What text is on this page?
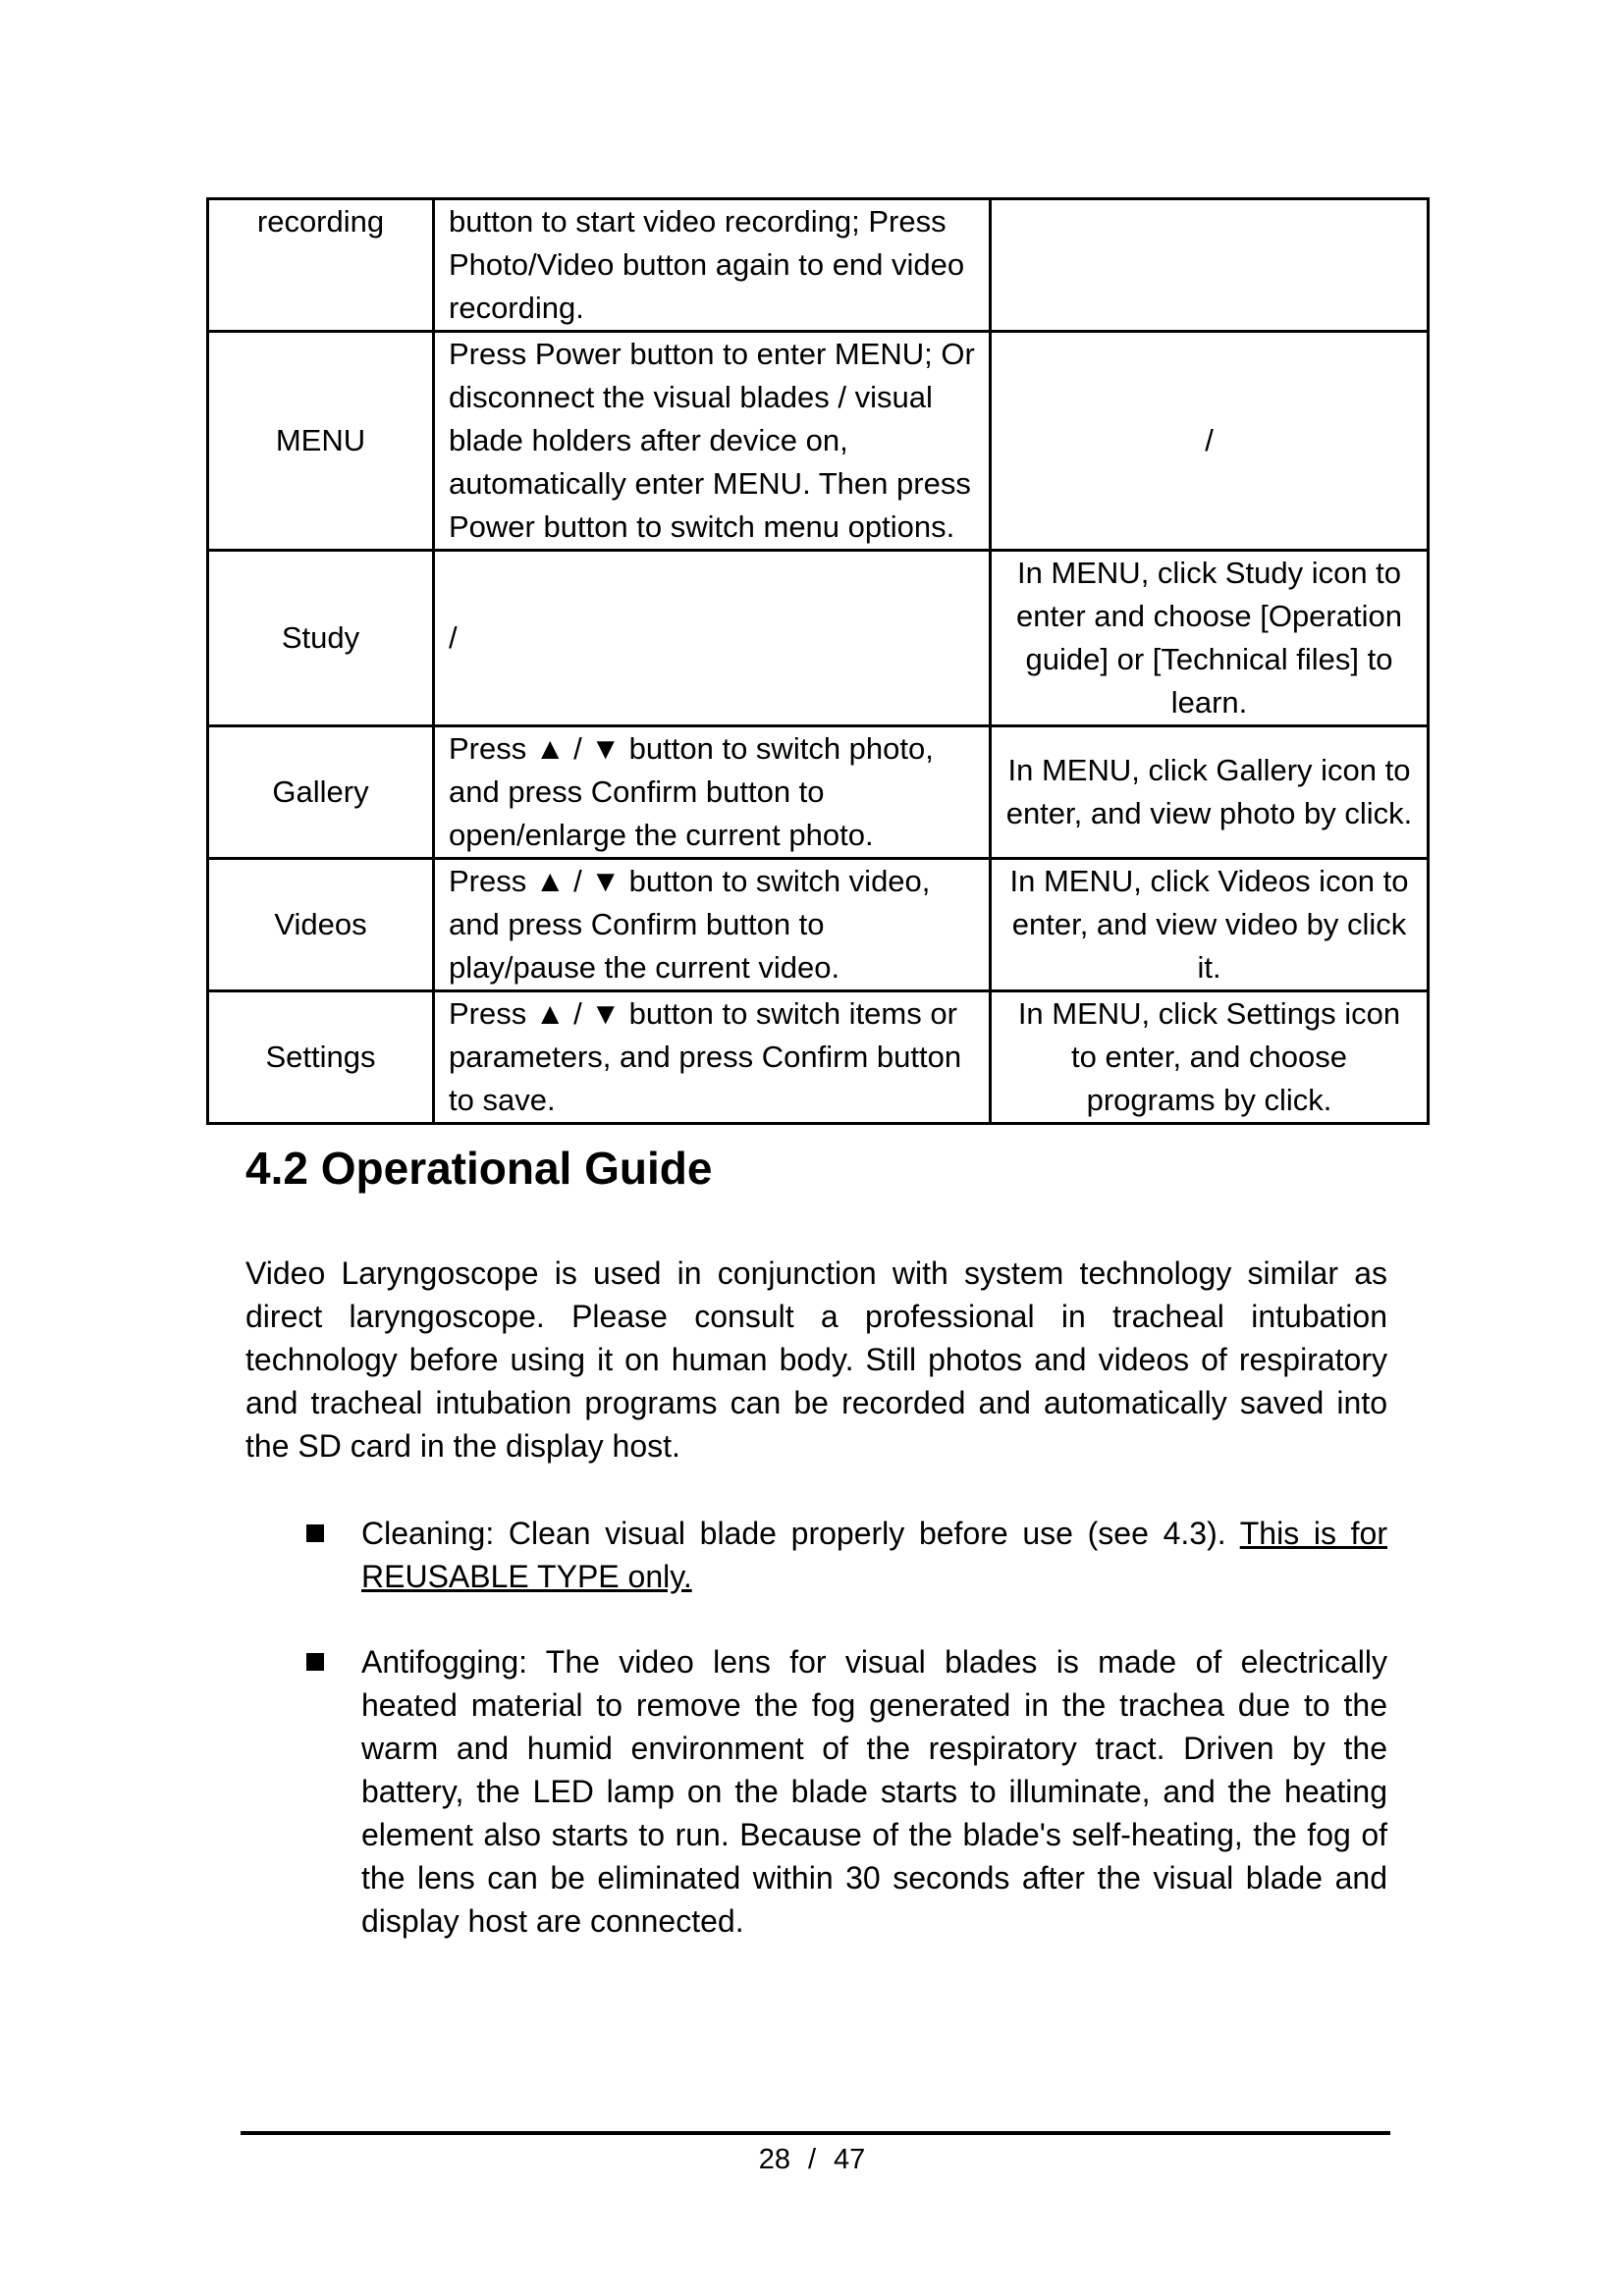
recording	button to start video recording; Press Photo/Video button again to end video recording.	
MENU	Press Power button to enter MENU; Or disconnect the visual blades / visual blade holders after device on, automatically enter MENU. Then press Power button to switch menu options.	/
Study	/	In MENU, click Study icon to enter and choose [Operation guide] or [Technical files] to learn.
Gallery	Press ▲ / ▼ button to switch photo, and press Confirm button to open/enlarge the current photo.	In MENU, click Gallery icon to enter, and view photo by click.
Videos	Press ▲ / ▼ button to switch video, and press Confirm button to play/pause the current video.	In MENU, click Videos icon to enter, and view video by click it.
Settings	Press ▲ / ▼ button to switch items or parameters, and press Confirm button to save.	In MENU, click Settings icon to enter, and choose programs by click.
4.2 Operational Guide

Video Laryngoscope is used in conjunction with system technology similar as direct laryngoscope. Please consult a professional in tracheal intubation technology before using it on human body. Still photos and videos of respiratory and tracheal intubation programs can be recorded and automatically saved into the SD card in the display host.

Cleaning: Clean visual blade properly before use (see 4.3). This is for REUSABLE TYPE only.
Antifogging: The video lens for visual blades is made of electrically heated material to remove the fog generated in the trachea due to the warm and humid environment of the respiratory tract. Driven by the battery, the LED lamp on the blade starts to illuminate, and the heating element also starts to run. Because of the blade's self-heating, the fog of the lens can be eliminated within 30 seconds after the visual blade and display host are connected.
28 / 47
